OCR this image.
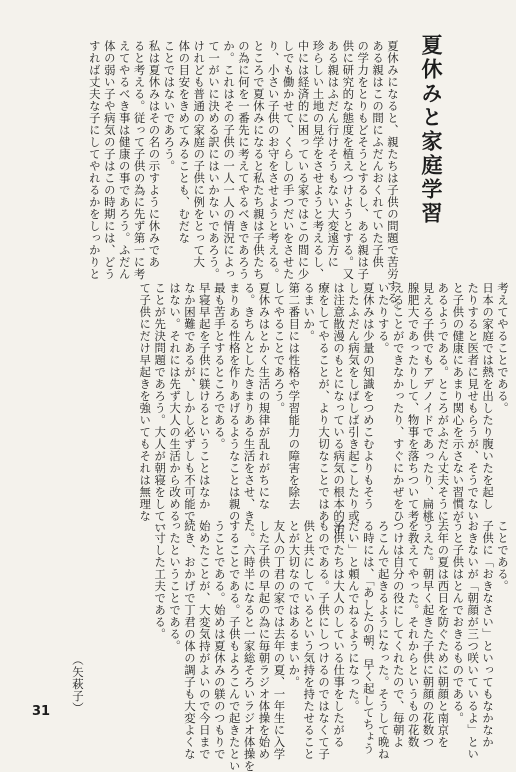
夏休みと家庭学習
夏休みになると、親たちは子供の問題で苦労する。
ある親はこの間にふだんおくれていた子供
の学力をとりもどそうとするし、ある親は子
供に研究的な態度を植えつけようとする。又
ある親はふだん行けそうもない大変遠方に
珍らしい土地の見学をさせようと考えるし、
中には経済的に困っている家ではこの間に少
しでも働かせて、くらしの手つだいをさせた
り、小さい子供のお守をさせようと考える。
ところで夏休みになると私たち親は子供たち
の為に何を一番先に考えてやるべきであろう
か。これはその子供の一人一人の情況によっ
て一がいに決める訳にはいかないであろう。
けれども普通の家庭の子供に例をとって大
体の目安をきめてみることも、むだな
ことではないであろう。
私は夏休みはその名の示すように休みであ
ると考える。従って子供の為に先ず第一に考
えてやるべき事は健康の事であろう。ふだん
体の弱い子や病気の子はこの時期には、どう
すれば丈夫な子にしてやれるかをしっかりと
考えてやることである。
日本の家庭では熱を出したり腹いたを起し
たりすると医者に見せもらうが、そうでない
と子供の健康にあまり関心を示さない習慣が
あるようである。ところがふだん丈夫そうに
見える子供でもアデノイドであったり、扁桃
腺肥大であったりして、物事を落ちついて考
えることができなかったり、すぐにかぜをひ
いたりする。
夏休みは少量の知識をつめこむよりもそう
したふだん病気をしばしば引き起こしたり或
は注意散漫のもとになっている病気の根本的治
療をしてやることが、より大切なことではあ
るまいか。
第二番目には性格や学習能力の障害を除去
してやることであろう。
夏休みはとかく生活の規律が乱れがちにな
る。きちんとしたきまりある生活をさせ、き
まりある性格を作りあげるようなことは親の
最も苦手とするところである。
早寝早起を子供に躾けるということはなか
なか困難であるが、しかし必ずしも不可能で
はない。それには先ず大人の生活から改める
ことが先決問題であろう。大人が朝寝をしてい
て子供にだけ早起きを強いてもそれは無理な
ことである。
子供に「おきなさい」といってもなかなか
おきないが「朝顔が三つ咲いているよ」とい
うと子供はとんでおきるものである。
去年の夏は西日を防ぐために朝顔と南京を
うえた。朝早く起きた子供に朝顔の花数つ
を教えてやった。それからというもの花数
つけは自分の役にしてくれたので、毎朝よ
ろこんで起きるようになった。そうして晩ね
る時には、「あしたの朝、早く起してちょう
だい」と頼んでねるようになった。
子供たちは大人のしている仕事をしたがる
ものである。子供にしつけるのではなくて子
供と共にしているという気持を持たせること
とが大切なのではあるまいか。
友人の丁君の家では去年の夏、一年生に入学
した子供の早起の為に毎朝ラジオ体操を始め
た。六時半になると一家総そろいラジオ体操を
することである。子供もよろこんで起きたとい
うことである。始めは夏休みの躾のつもりで
始めたことが、大変気持がよいので今日まで
続き、おかげで丁君の体の調子も大変よくな
ったということである。
一寸した工夫である。
（矢萩子）
31
